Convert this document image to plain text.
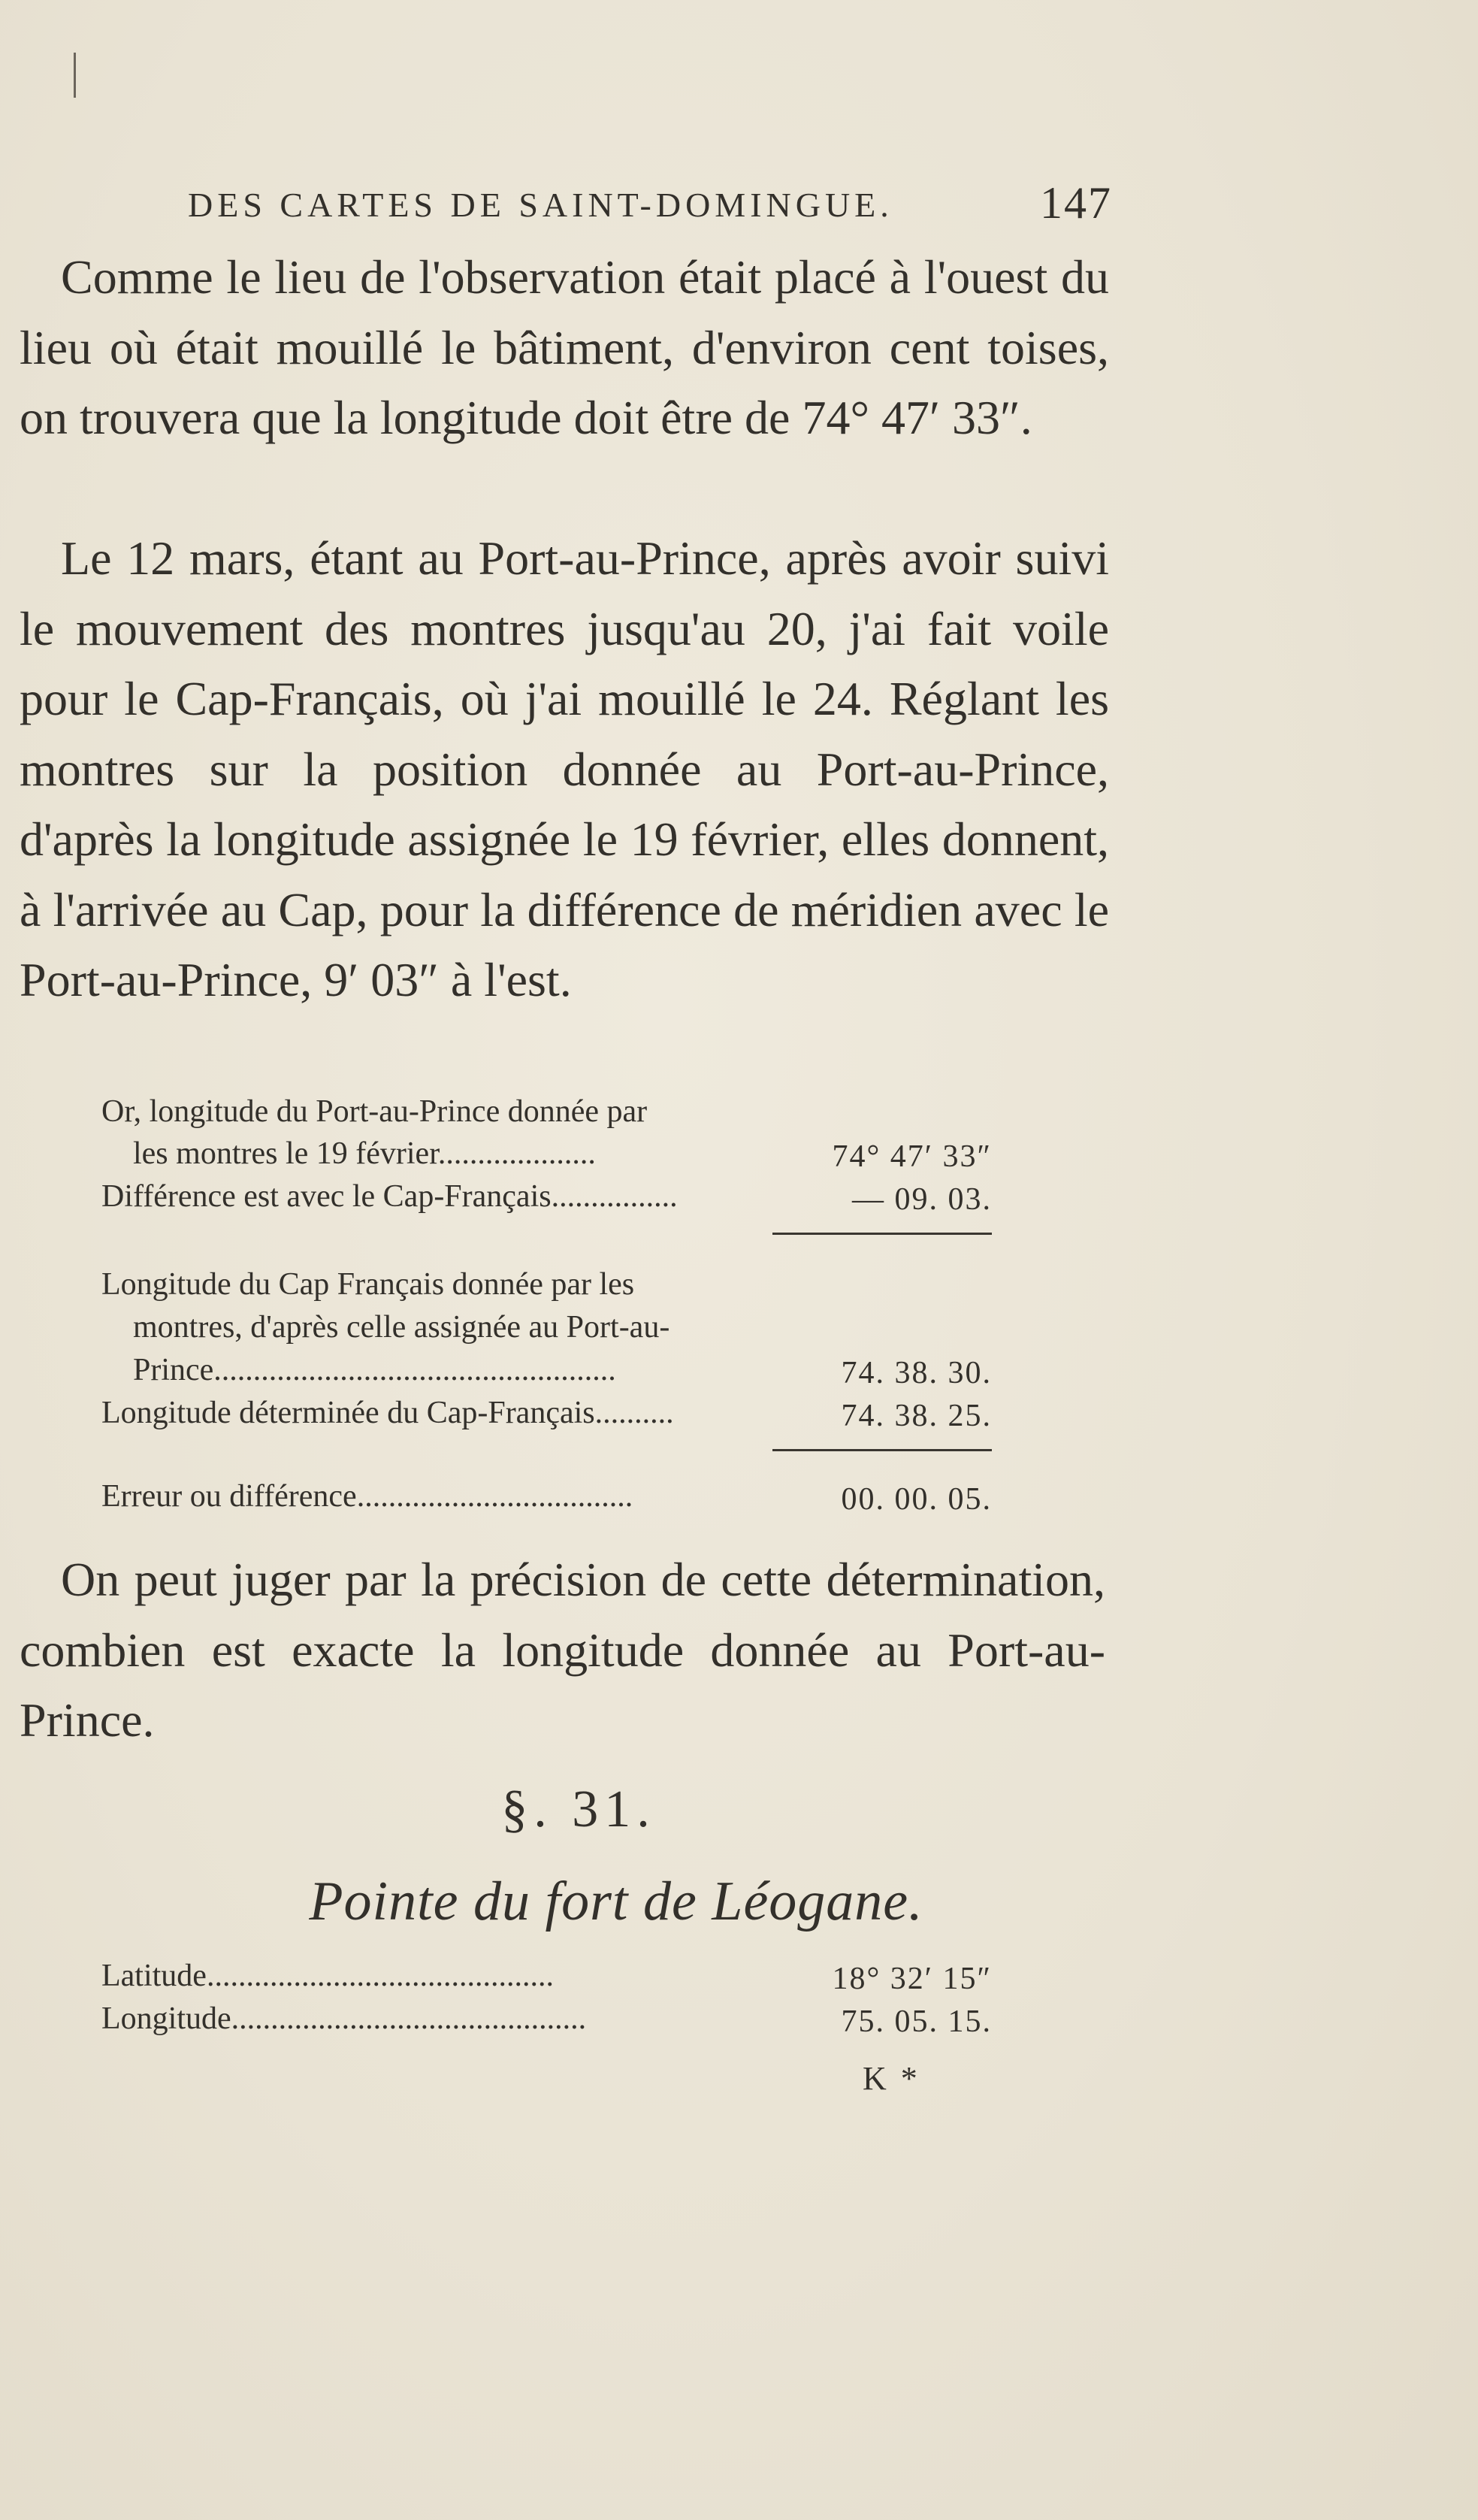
DES CARTES DE SAINT-DOMINGUE.	147

Comme le lieu de l'observation était placé à l'ouest du lieu où était mouillé le bâtiment, d'environ cent toises, on trouvera que la longitude doit être de 74° 47′ 33″.

Le 12 mars, étant au Port-au-Prince, après avoir suivi le mouvement des montres jusqu'au 20, j'ai fait voile pour le Cap-Français, où j'ai mouillé le 24. Réglant les montres sur la position donnée au Port-au-Prince, d'après la longitude assignée le 19 février, elles donnent, à l'arrivée au Cap, pour la différence de méridien avec le Port-au-Prince, 9′ 03″ à l'est.

Or, longitude du Port-au-Prince donnée par
les montres le 19 février....................	74° 47′ 33″
Différence est avec le Cap-Français................	— 09. 03.
Longitude du Cap Français donnée par les
montres, d'après celle assignée au Port-au-
Prince...................................................	74. 38. 30.
Longitude déterminée du Cap-Français..........	74. 38. 25.
Erreur ou différence...................................	00. 00. 05.

On peut juger par la précision de cette détermination, combien est exacte la longitude donnée au Port-au-Prince.

§. 31.
Pointe du fort de Léogane.
Latitude............................................	18° 32′ 15″
Longitude.............................................	75. 05. 15.
K *
